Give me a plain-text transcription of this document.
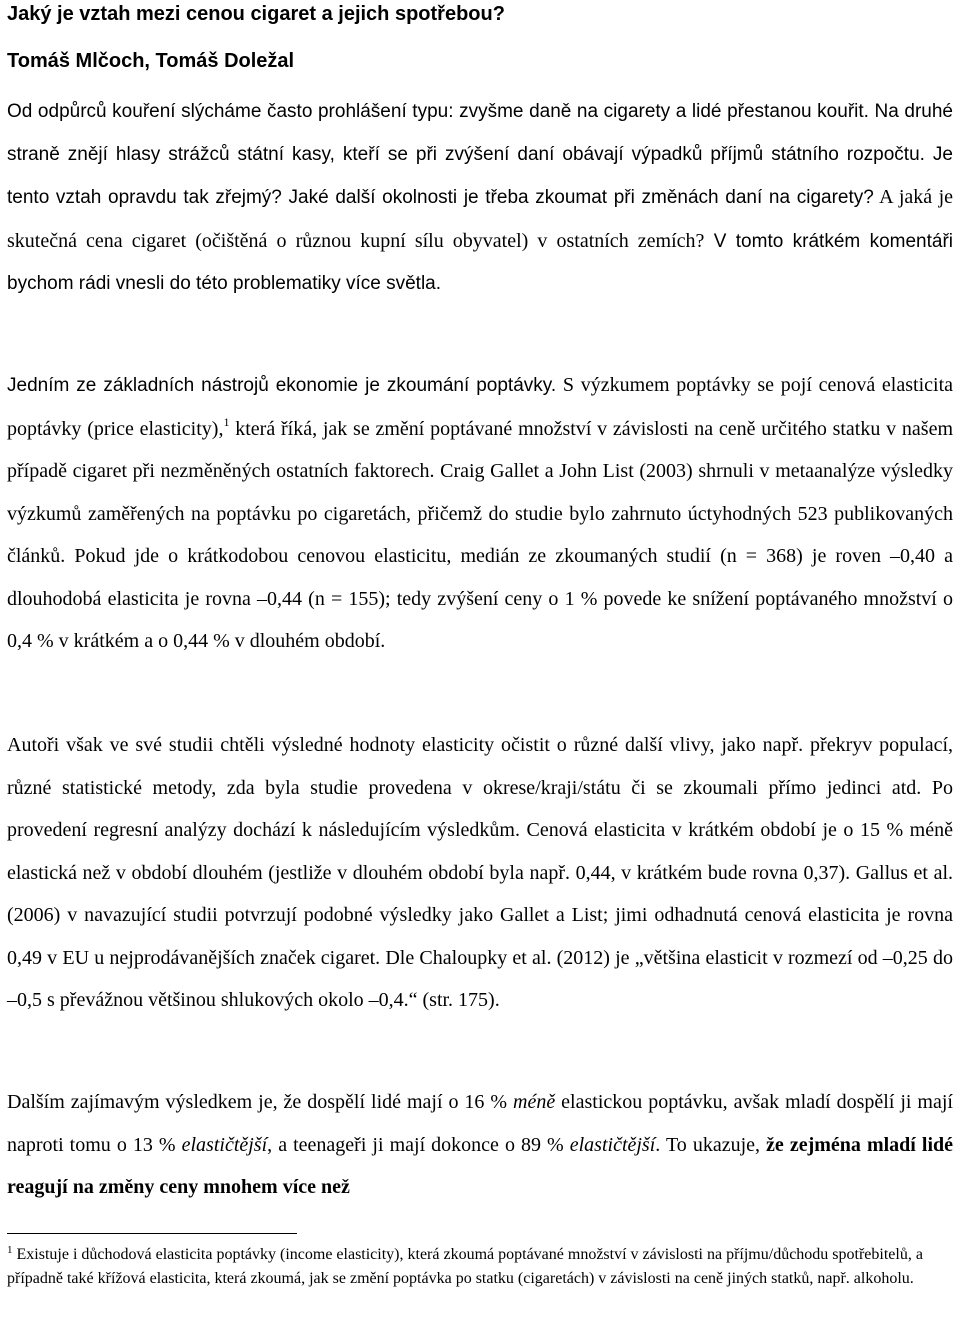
Jaký je vztah mezi cenou cigaret a jejich spotřebou?
Tomáš Mlčoch, Tomáš Doležal
Od odpůrců kouření slýcháme často prohlášení typu: zvyšme daně na cigarety a lidé přestanou kouřit. Na druhé straně znějí hlasy strážců státní kasy, kteří se při zvýšení daní obávají výpadků příjmů státního rozpočtu. Je tento vztah opravdu tak zřejmý? Jaké další okolnosti je třeba zkoumat při změnách daní na cigarety? A jaká je skutečná cena cigaret (očištěná o různou kupní sílu obyvatel) v ostatních zemích? V tomto krátkém komentáři bychom rádi vnesli do této problematiky více světla.
Jedním ze základních nástrojů ekonomie je zkoumání poptávky. S výzkumem poptávky se pojí cenová elasticita poptávky (price elasticity),$^1$ která říká, jak se změní poptávané množství v závislosti na ceně určitého statku v našem případě cigaret při nezměněných ostatních faktorech. Craig Gallet a John List (2003) shrnuli v metaanalýze výsledky výzkumů zaměřených na poptávku po cigaretách, přičemž do studie bylo zahrnuto úctyhodných 523 publikovaných článků. Pokud jde o krátkodobou cenovou elasticitu, medián ze zkoumaných studií (n = 368) je roven –0,40 a dlouhodobá elasticita je rovna –0,44 (n = 155); tedy zvýšení ceny o 1 % povede ke snížení poptávaného množství o 0,4 % v krátkém a o 0,44 % v dlouhém období.
Autoři však ve své studii chtěli výsledné hodnoty elasticity očistit o různé další vlivy, jako např. překryv populací, různé statistické metody, zda byla studie provedena v okrese/kraji/státu či se zkoumali přímo jedinci atd. Po provedení regresní analýzy dochází k následujícím výsledkům. Cenová elasticita v krátkém období je o 15 % méně elastická než v období dlouhém (jestliže v dlouhém období byla např. 0,44, v krátkém bude rovna 0,37). Gallus et al. (2006) v navazující studii potvrzují podobné výsledky jako Gallet a List; jimi odhadnutá cenová elasticita je rovna 0,49 v EU u nejprodávanějších značek cigaret. Dle Chaloupky et al. (2012) je „většina elasticit v rozmezí od –0,25 do –0,5 s převážnou většinou shlukových okolo –0,4.“ (str. 175).
Dalším zajímavým výsledkem je, že dospělí lidé mají o 16 % méně elastickou poptávku, avšak mladí dospělí ji mají naproti tomu o 13 % elastičtější, a teenageři ji mají dokonce o 89 % elastičtější. To ukazuje, že zejména mladí lidé reagují na změny ceny mnohem více než
$^1$ Existuje i důchodová elasticita poptávky (income elasticity), která zkoumá poptávané množství v závislosti na příjmu/důchodu spotřebitelů, a případně také křížová elasticita, která zkoumá, jak se změní poptávka po statku (cigaretách) v závislosti na ceně jiných statků, např. alkoholu.
